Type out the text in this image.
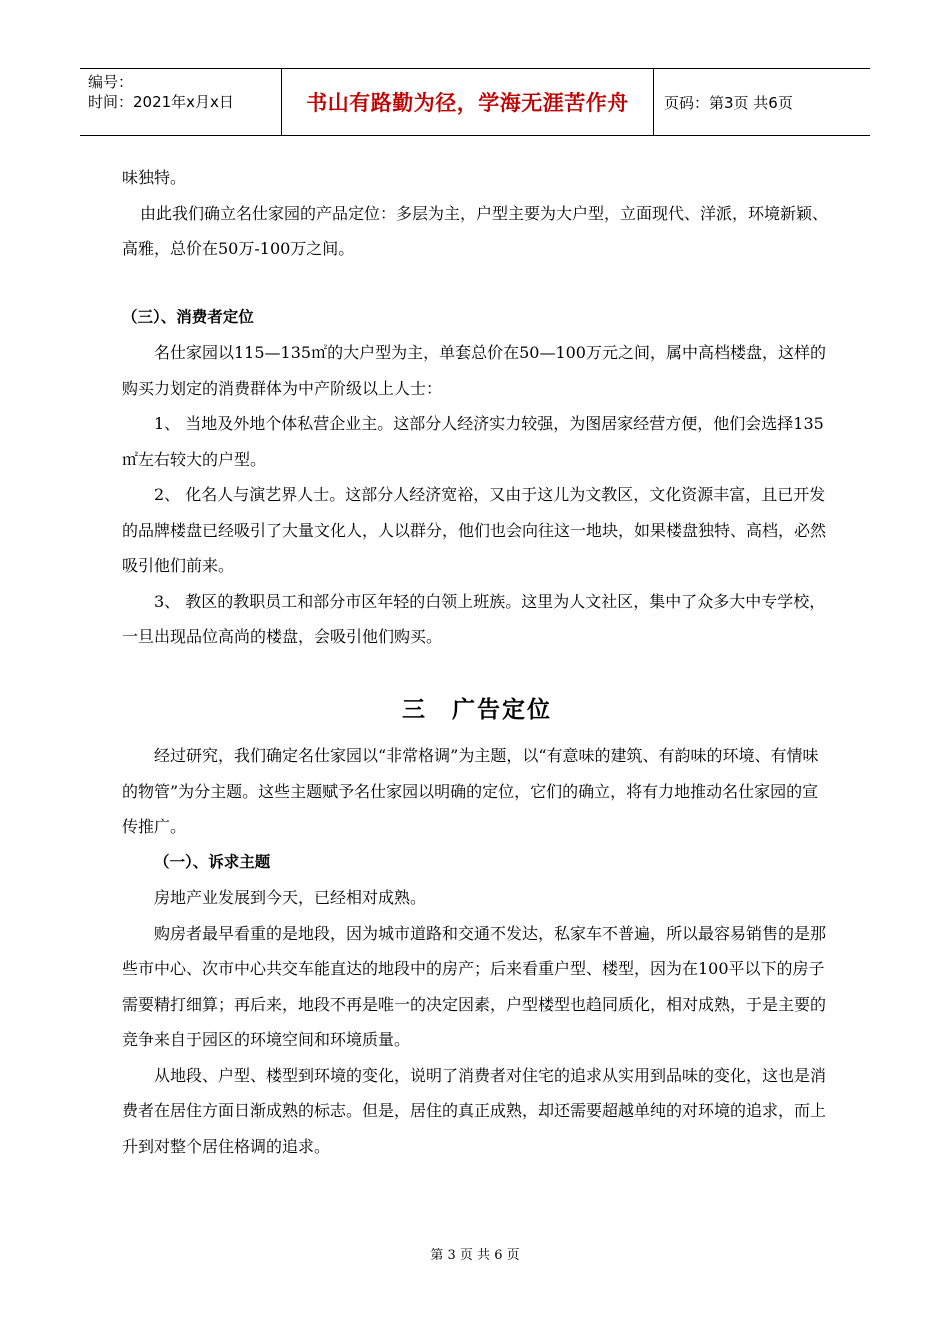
编号：
时间：2021年x月x日	书山有路勤为径，学海无涯苦作舟 页码：第3页 共6页

味独特。

由此我们确立名仕家园的产品定位：多层为主，户型主要为大户型，立面现代、洋派，环境新颖、高雅，总价在50万-100万之间。

（三）、消费者定位

名仕家园以115—135㎡的大户型为主，单套总价在50—100万元之间，属中高档楼盘，这样的购买力划定的消费群体为中产阶级以上人士：

1、 当地及外地个体私营企业主。这部分人经济实力较强，为图居家经营方便，他们会选择135㎡左右较大的户型。

2、 化名人与演艺界人士。这部分人经济宽裕，又由于这儿为文教区，文化资源丰富，且已开发的品牌楼盘已经吸引了大量文化人，人以群分，他们也会向往这一地块，如果楼盘独特、高档，必然吸引他们前来。

3、 教区的教职员工和部分市区年轻的白领上班族。这里为人文社区，集中了众多大中专学校，一旦出现品位高尚的楼盘，会吸引他们购买。

三　广告定位

经过研究，我们确定名仕家园以“非常格调”为主题，以“有意味的建筑、有韵味的环境、有情味的物管”为分主题。这些主题赋予名仕家园以明确的定位，它们的确立，将有力地推动名仕家园的宣传推广。

（一）、诉求主题

房地产业发展到今天，已经相对成熟。

购房者最早看重的是地段，因为城市道路和交通不发达，私家车不普遍，所以最容易销售的是那些市中心、次市中心共交车能直达的地段中的房产；后来看重户型、楼型，因为在100平以下的房子需要精打细算；再后来，地段不再是唯一的决定因素，户型楼型也趋同质化，相对成熟，于是主要的竞争来自于园区的环境空间和环境质量。

从地段、户型、楼型到环境的变化，说明了消费者对住宅的追求从实用到品味的变化，这也是消费者在居住方面日渐成熟的标志。但是，居住的真正成熟，却还需要超越单纯的对环境的追求，而上升到对整个居住格调的追求。

第 3 页 共 6 页
